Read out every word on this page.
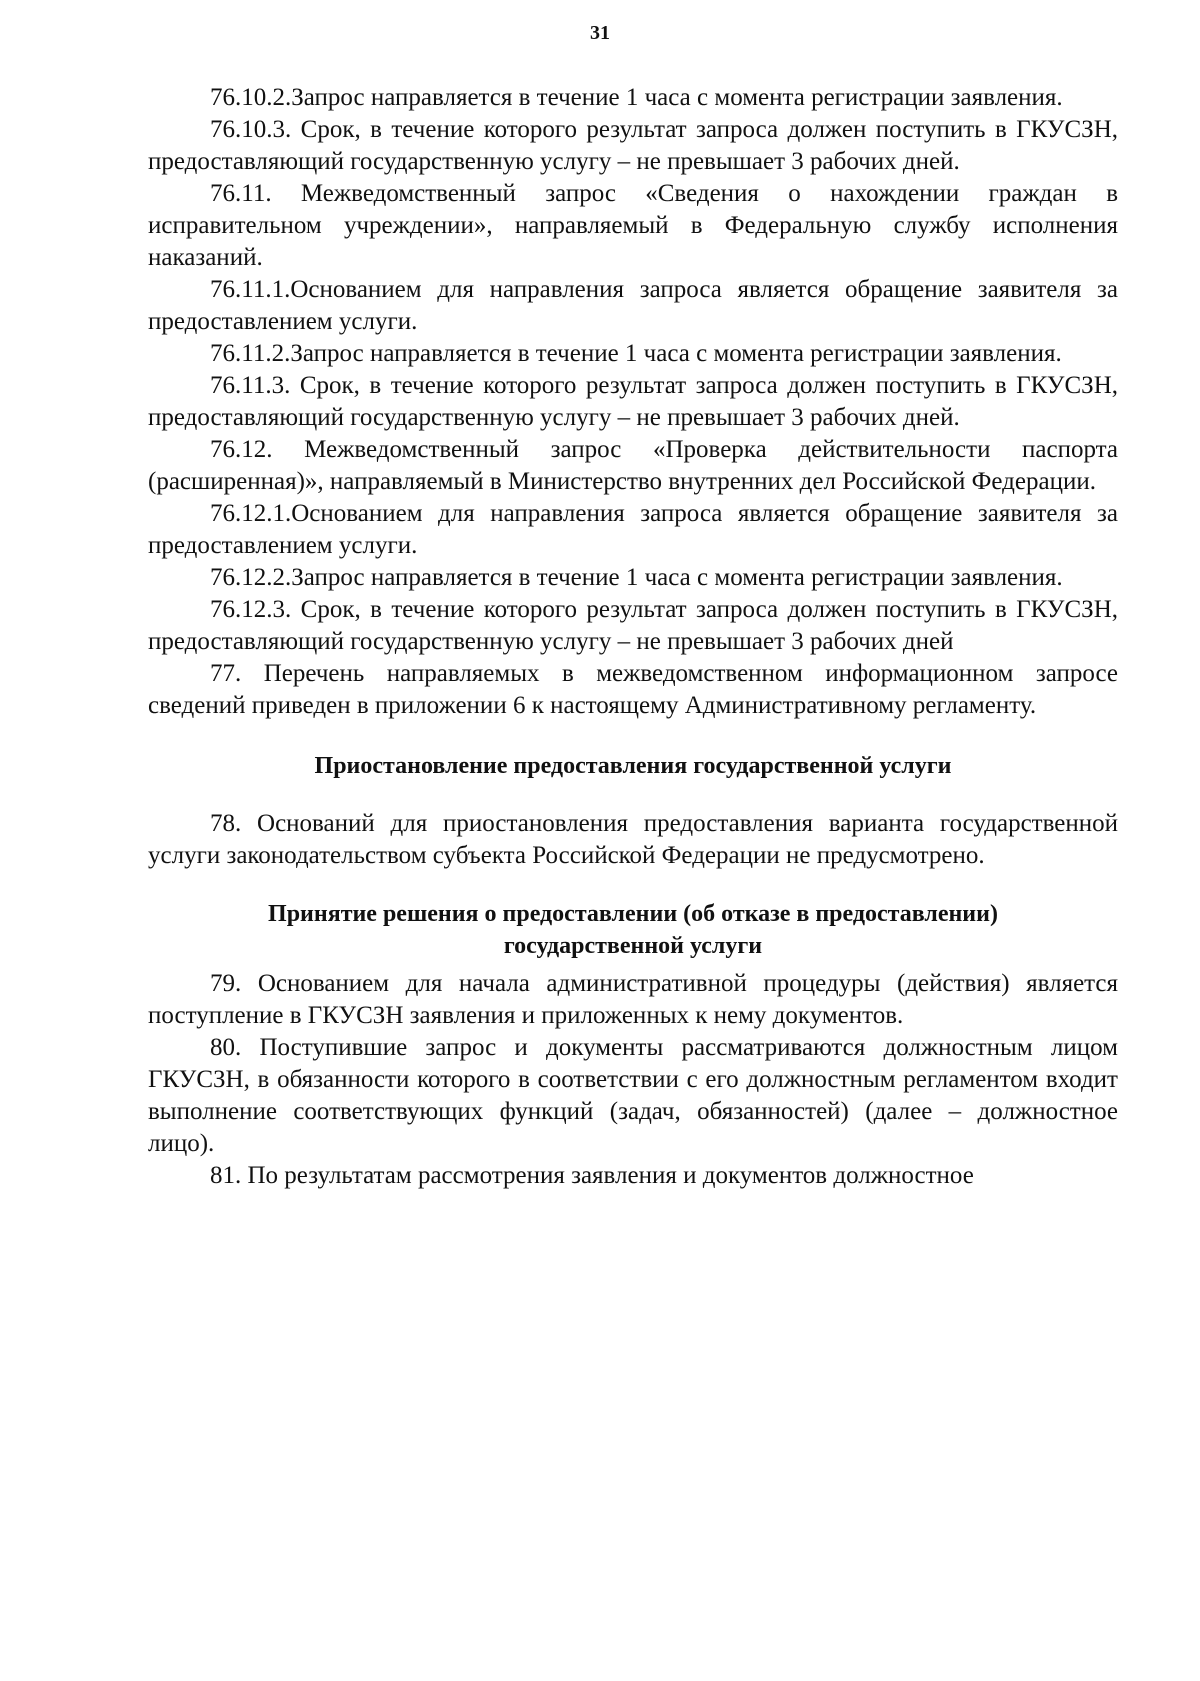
31

76.10.2.Запрос направляется в течение 1 часа с момента регистрации заявления.

76.10.3. Срок, в течение которого результат запроса должен поступить в ГКУСЗН, предоставляющий государственную услугу – не превышает 3 рабочих дней.

76.11. Межведомственный запрос «Сведения о нахождении граждан в исправительном учреждении», направляемый в Федеральную службу исполнения наказаний.

76.11.1.Основанием для направления запроса является обращение заявителя за предоставлением услуги.

76.11.2.Запрос направляется в течение 1 часа с момента регистрации заявления.

76.11.3. Срок, в течение которого результат запроса должен поступить в ГКУСЗН, предоставляющий государственную услугу – не превышает 3 рабочих дней.

76.12. Межведомственный запрос «Проверка действительности паспорта (расширенная)», направляемый в Министерство внутренних дел Российской Федерации.

76.12.1.Основанием для направления запроса является обращение заявителя за предоставлением услуги.

76.12.2.Запрос направляется в течение 1 часа с момента регистрации заявления.

76.12.3. Срок, в течение которого результат запроса должен поступить в ГКУСЗН, предоставляющий государственную услугу – не превышает 3 рабочих дней

77. Перечень направляемых в межведомственном информационном запросе сведений приведен в приложении 6 к настоящему Административному регламенту.

Приостановление предоставления государственной услуги

78. Оснований для приостановления предоставления варианта государственной услуги законодательством субъекта Российской Федерации не предусмотрено.

Принятие решения о предоставлении (об отказе в предоставлении)
государственной услуги

79. Основанием для начала административной процедуры (действия) является поступление в ГКУСЗН заявления и приложенных к нему документов.

80. Поступившие запрос и документы рассматриваются должностным лицом ГКУСЗН, в обязанности которого в соответствии с его должностным регламентом входит выполнение соответствующих функций (задач, обязанностей) (далее – должностное лицо).

81. По результатам рассмотрения заявления и документов должностное
